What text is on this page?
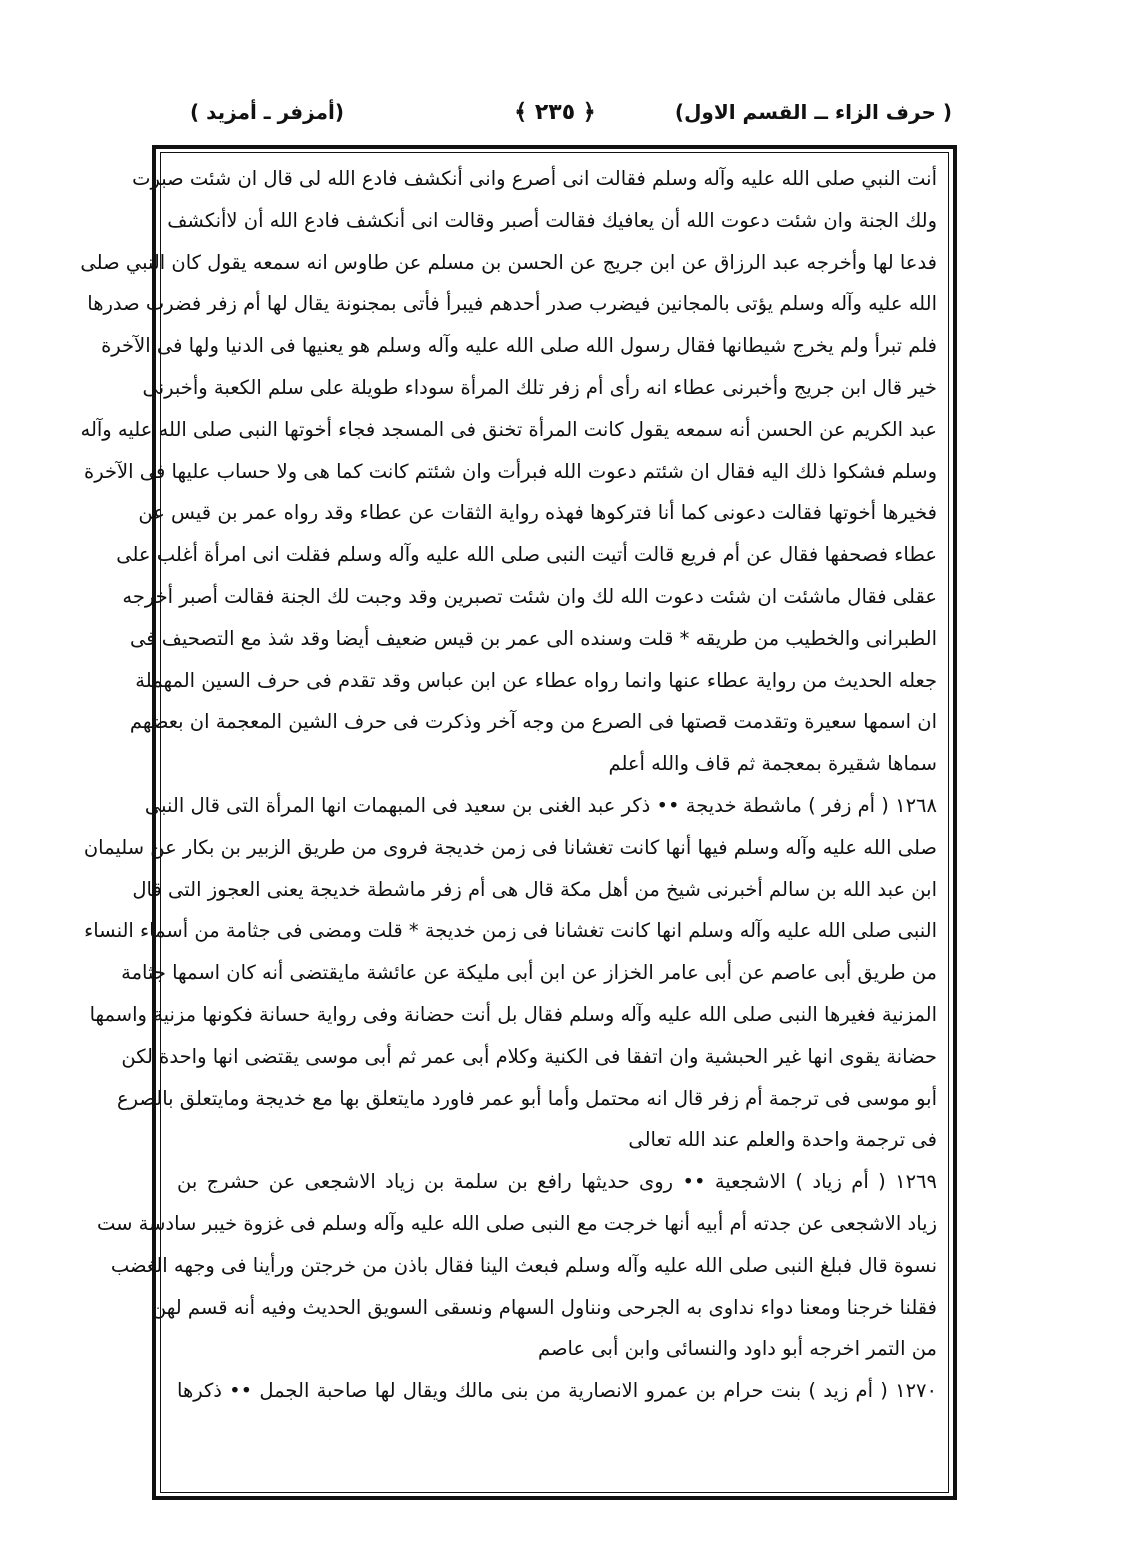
( حرف الزاء ــ القسم الاول)
﴿ ٢٣٥ ﴾
(أمزفر ـ أمزيد )
أنت النبي صلى الله عليه وآله وسلم فقالت انى أصرع وانى أنكشف فادع الله لى قال ان شئت صبرت
ولك الجنة وان شئت دعوت الله أن يعافيك فقالت أصبر وقالت انى أنكشف فادع الله أن لاأنكشف
فدعا لها وأخرجه عبد الرزاق عن ابن جريج عن الحسن بن مسلم عن طاوس انه سمعه يقول كان النبي صلى
الله عليه وآله وسلم يؤتى بالمجانين فيضرب صدر أحدهم فيبرأ فأتى بمجنونة يقال لها أم زفر فضرب صدرها
فلم تبرأ ولم يخرج شيطانها فقال رسول الله صلى الله عليه وآله وسلم هو يعنيها فى الدنيا ولها فى الآخرة
خير قال ابن جريج وأخبرنى عطاء انه رأى أم زفر تلك المرأة سوداء طويلة على سلم الكعبة وأخبرنى
عبد الكريم عن الحسن أنه سمعه يقول كانت المرأة تخنق فى المسجد فجاء أخوتها النبى صلى الله عليه وآله
وسلم فشكوا ذلك اليه فقال ان شئتم دعوت الله فبرأت وان شئتم كانت كما هى ولا حساب عليها فى الآخرة
فخيرها أخوتها فقالت دعونى كما أنا فتركوها فهذه رواية الثقات عن عطاء وقد رواه عمر بن قيس عن
عطاء فصحفها فقال عن أم فريع قالت أتيت النبى صلى الله عليه وآله وسلم فقلت انى امرأة أغلب على
عقلى فقال ماشئت ان شئت دعوت الله لك وان شئت تصبرين وقد وجبت لك الجنة فقالت أصبر أخرجه
الطبرانى والخطيب من طريقه * قلت وسنده الى عمر بن قيس ضعيف أيضا وقد شذ مع التصحيف فى
جعله الحديث من رواية عطاء عنها وانما رواه عطاء عن ابن عباس وقد تقدم فى حرف السين المهملة
ان اسمها سعيرة وتقدمت قصتها فى الصرع من وجه آخر وذكرت فى حرف الشين المعجمة ان بعضهم
سماها شقيرة بمعجمة ثم قاف والله أعلم
١٢٦٨ ( أم زفر ) ماشطة خديجة •• ذكر عبد الغنى بن سعيد فى المبهمات انها المرأة التى قال النبى
صلى الله عليه وآله وسلم فيها أنها كانت تغشانا فى زمن خديجة فروى من طريق الزبير بن بكار عن سليمان
ابن عبد الله بن سالم أخبرنى شيخ من أهل مكة قال هى أم زفر ماشطة خديجة يعنى العجوز التى قال
النبى صلى الله عليه وآله وسلم انها كانت تغشانا فى زمن خديجة * قلت ومضى فى جثامة من أسماء النساء
من طريق أبى عاصم عن أبى عامر الخزاز عن ابن أبى مليكة عن عائشة مايقتضى أنه كان اسمها جثامة
المزنية فغيرها النبى صلى الله عليه وآله وسلم فقال بل أنت حضانة وفى رواية حسانة فكونها مزنية واسمها
حضانة يقوى انها غير الحبشية وان اتفقا فى الكنية وكلام أبى عمر ثم أبى موسى يقتضى انها واحدة لكن
أبو موسى فى ترجمة أم زفر قال انه محتمل وأما أبو عمر فاورد مايتعلق بها مع خديجة ومايتعلق بالصرع
فى ترجمة واحدة والعلم عند الله تعالى
١٢٦٩ ( أم زياد ) الاشجعية •• روى حديثها رافع بن سلمة بن زياد الاشجعى عن حشرج بن
زياد الاشجعى عن جدته أم أبيه أنها خرجت مع النبى صلى الله عليه وآله وسلم فى غزوة خيبر سادسة ست
نسوة قال فبلغ النبى صلى الله عليه وآله وسلم فبعث الينا فقال باذن من خرجتن ورأينا فى وجهه الغضب
فقلنا خرجنا ومعنا دواء نداوى به الجرحى ونناول السهام ونسقى السويق الحديث وفيه أنه قسم لهن
من التمر اخرجه أبو داود والنسائى وابن أبى عاصم
١٢٧٠ ( أم زيد ) بنت حرام بن عمرو الانصارية من بنى مالك ويقال لها صاحبة الجمل •• ذكرها
